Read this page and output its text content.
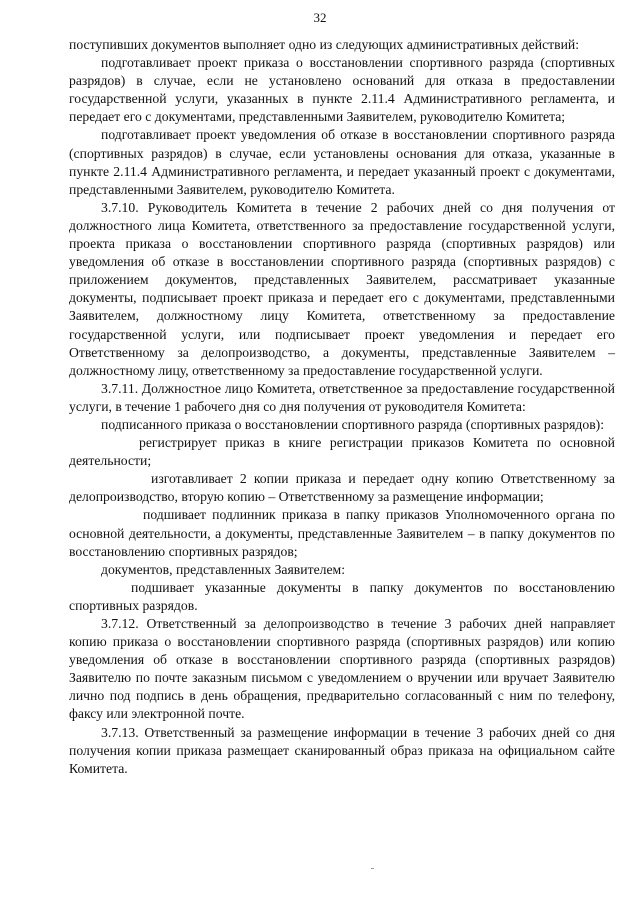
32

поступивших документов выполняет одно из следующих административных действий:

подготавливает проект приказа о восстановлении спортивного разряда (спортивных разрядов) в случае, если не установлено оснований для отказа в предоставлении государственной услуги, указанных в пункте 2.11.4 Административного регламента, и передает его с документами, представленными Заявителем, руководителю Комитета;

подготавливает проект уведомления об отказе в восстановлении спортивного разряда (спортивных разрядов) в случае, если установлены основания для отказа, указанные в пункте 2.11.4 Административного регламента, и передает указанный проект с документами, представленными Заявителем, руководителю Комитета.

3.7.10. Руководитель Комитета в течение 2 рабочих дней со дня получения от должностного лица Комитета, ответственного за предоставление государственной услуги, проекта приказа о восстановлении спортивного разряда (спортивных разрядов) или уведомления об отказе в восстановлении спортивного разряда (спортивных разрядов) с приложением документов, представленных Заявителем, рассматривает указанные документы, подписывает проект приказа и передает его с документами, представленными Заявителем, должностному лицу Комитета, ответственному за предоставление государственной услуги, или подписывает проект уведомления и передает его Ответственному за делопроизводство, а документы, представленные Заявителем – должностному лицу, ответственному за предоставление государственной услуги.

3.7.11. Должностное лицо Комитета, ответственное за предоставление государственной услуги, в течение 1 рабочего дня со дня получения от руководителя Комитета:

подписанного приказа о восстановлении спортивного разряда (спортивных разрядов):

регистрирует приказ в книге регистрации приказов Комитета по основной деятельности;

изготавливает 2 копии приказа и передает одну копию Ответственному за делопроизводство, вторую копию – Ответственному за размещение информации;

подшивает подлинник приказа в папку приказов Уполномоченного органа по основной деятельности, а документы, представленные Заявителем – в папку документов по восстановлению спортивных разрядов;

документов, представленных Заявителем:

подшивает указанные документы в папку документов по восстановлению спортивных разрядов.

3.7.12. Ответственный за делопроизводство в течение 3 рабочих дней направляет копию приказа о восстановлении спортивного разряда (спортивных разрядов) или копию уведомления об отказе в восстановлении спортивного разряда (спортивных разрядов) Заявителю по почте заказным письмом с уведомлением о вручении или вручает Заявителю лично под подпись в день обращения, предварительно согласованный с ним по телефону, факсу или электронной почте.

3.7.13. Ответственный за размещение информации в течение 3 рабочих дней со дня получения копии приказа размещает сканированный образ приказа на официальном сайте Комитета.
